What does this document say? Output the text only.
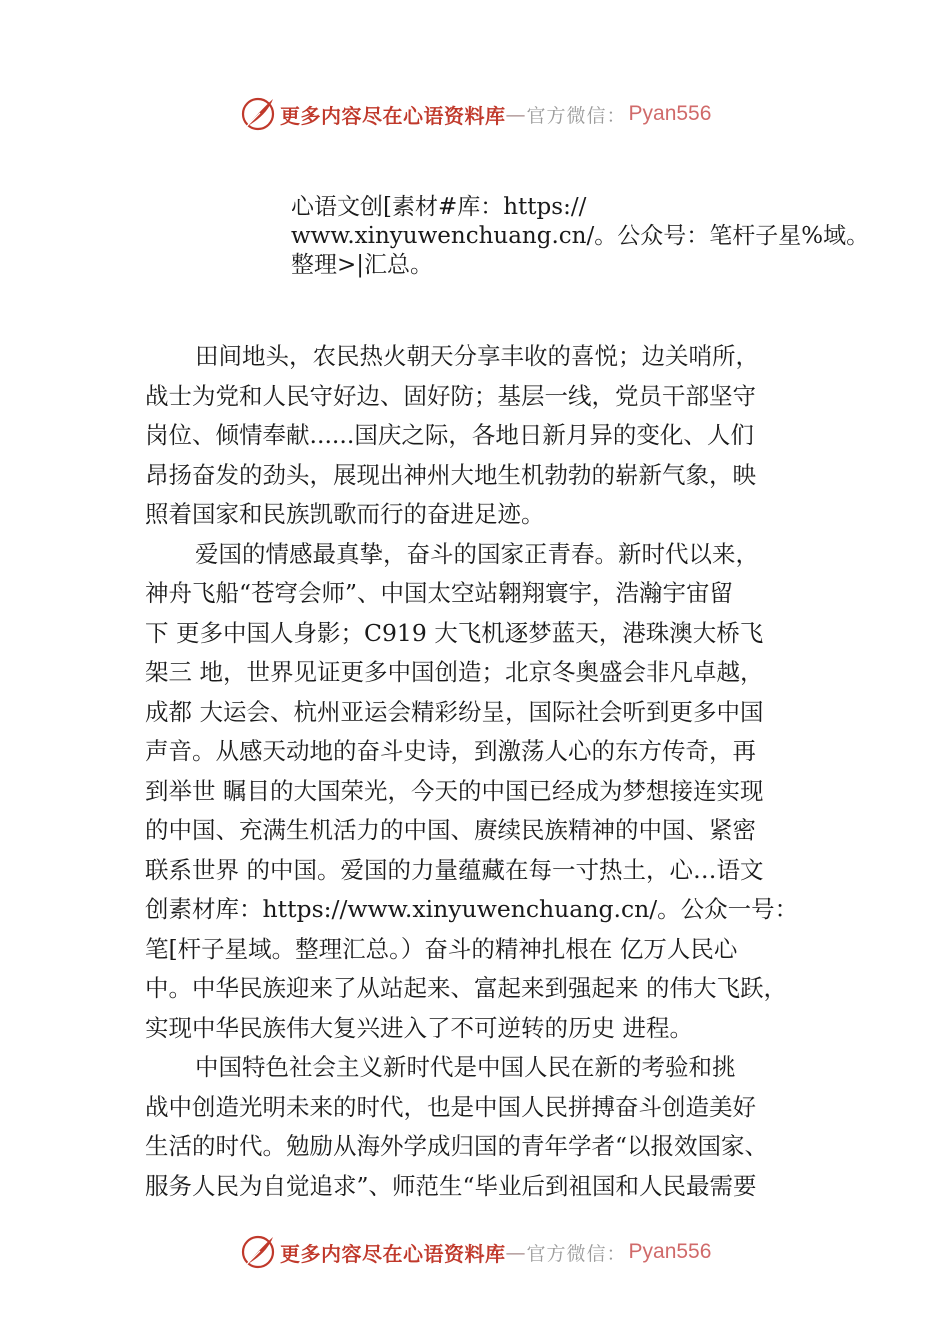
更多内容尽在心语资料库 — 官方微信： Pyan556
心语文创[素材#库：https://
www.xinyuwenchuang.cn/。公众号：笔杆子星%域。
整理>|汇总。
田间地头，农民热火朝天分享丰收的喜悦；边关哨所，
战士为党和人民守好边、固好防；基层一线，党员干部坚守
岗位、倾情奉献......国庆之际，各地日新月异的变化、人们
昂扬奋发的劲头，展现出神州大地生机勃勃的崭新气象，映
照着国家和民族凯歌而行的奋进足迹。
爱国的情感最真挚，奋斗的国家正青春。新时代以来，
神舟飞船“苍穹会师”、中国太空站翱翔寰宇，浩瀚宇宙留
下 更多中国人身影；C919 大飞机逐梦蓝天，港珠澳大桥飞
架三 地，世界见证更多中国创造；北京冬奥盛会非凡卓越，
成都 大运会、杭州亚运会精彩纷呈，国际社会听到更多中国
声音。从感天动地的奋斗史诗，到激荡人心的东方传奇，再
到举世 瞩目的大国荣光，今天的中国已经成为梦想接连实现
的中国、充满生机活力的中国、赓续民族精神的中国、紧密
联系世界 的中国。爱国的力量蕴藏在每一寸热土，心…语文
创素材库：https://www.xinyuwenchuang.cn/。公众一号：
笔[杆子星域。整理汇总。）奋斗的精神扎根在 亿万人民心
中。中华民族迎来了从站起来、富起来到强起来 的伟大飞跃，
实现中华民族伟大复兴进入了不可逆转的历史 进程。
中国特色社会主义新时代是中国人民在新的考验和挑
战中创造光明未来的时代，也是中国人民拼搏奋斗创造美好
生活的时代。勉励从海外学成归国的青年学者“以报效国家、
服务人民为自觉追求”、师范生“毕业后到祖国和人民最需要
更多内容尽在心语资料库 — 官方微信： Pyan556
